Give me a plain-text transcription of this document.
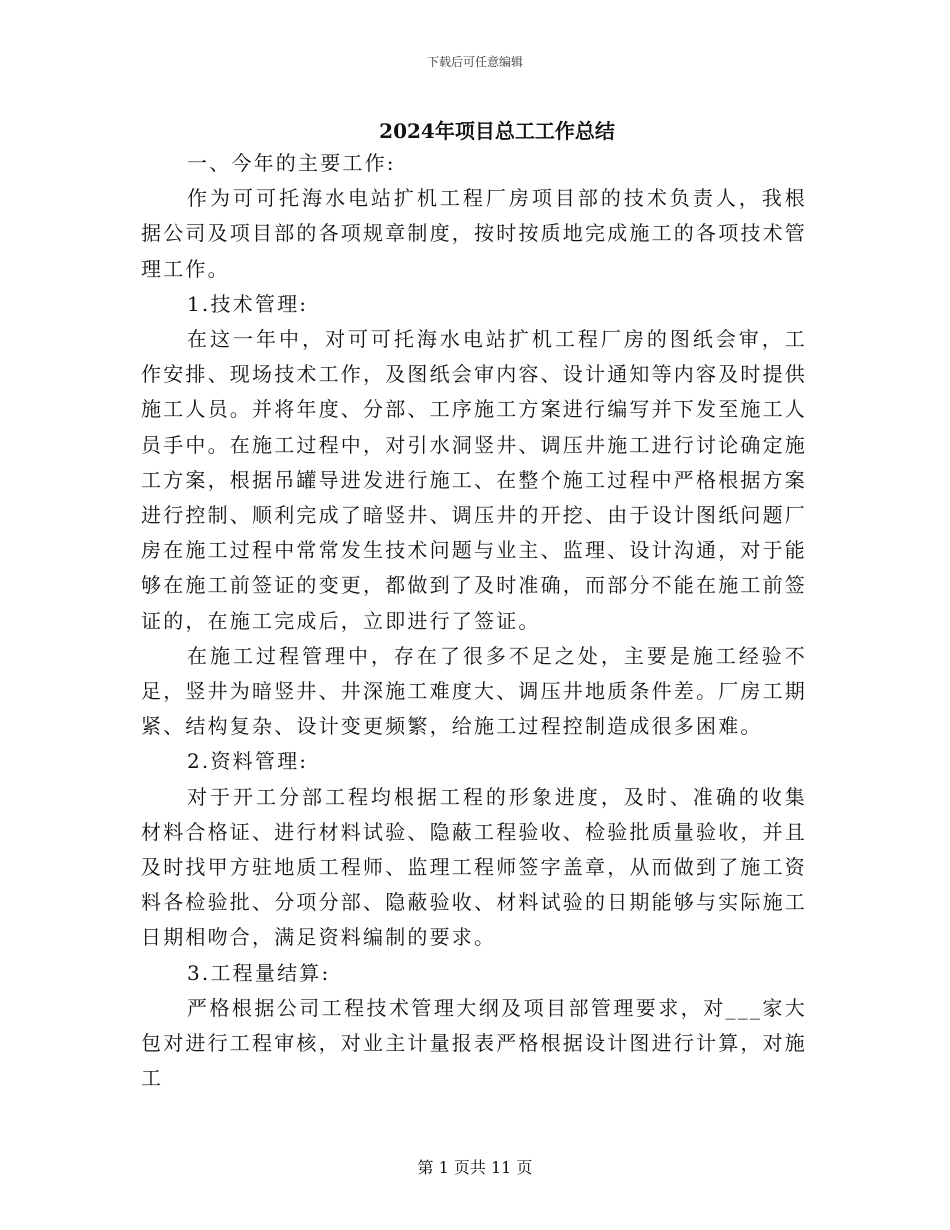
下载后可任意编辑
2024年项目总工工作总结

一、今年的主要工作:

作为可可托海水电站扩机工程厂房项目部的技术负责人，我根据公司及项目部的各项规章制度，按时按质地完成施工的各项技术管理工作。

1.技术管理:

在这一年中，对可可托海水电站扩机工程厂房的图纸会审，工作安排、现场技术工作，及图纸会审内容、设计通知等内容及时提供施工人员。并将年度、分部、工序施工方案进行编写并下发至施工人员手中。在施工过程中，对引水洞竖井、调压井施工进行讨论确定施工方案，根据吊罐导进发进行施工、在整个施工过程中严格根据方案进行控制、顺利完成了暗竖井、调压井的开挖、由于设计图纸问题厂房在施工过程中常常发生技术问题与业主、监理、设计沟通，对于能够在施工前签证的变更，都做到了及时准确，而部分不能在施工前签证的，在施工完成后，立即进行了签证。

在施工过程管理中，存在了很多不足之处，主要是施工经验不足，竖井为暗竖井、井深施工难度大、调压井地质条件差。厂房工期紧、结构复杂、设计变更频繁，给施工过程控制造成很多困难。

2.资料管理:

对于开工分部工程均根据工程的形象进度，及时、准确的收集材料合格证、进行材料试验、隐蔽工程验收、检验批质量验收，并且及时找甲方驻地质工程师、监理工程师签字盖章，从而做到了施工资料各检验批、分项分部、隐蔽验收、材料试验的日期能够与实际施工日期相吻合，满足资料编制的要求。

3.工程量结算:

严格根据公司工程技术管理大纲及项目部管理要求，对___家大包对进行工程审核，对业主计量报表严格根据设计图进行计算，对施工

第 1 页共 11 页
